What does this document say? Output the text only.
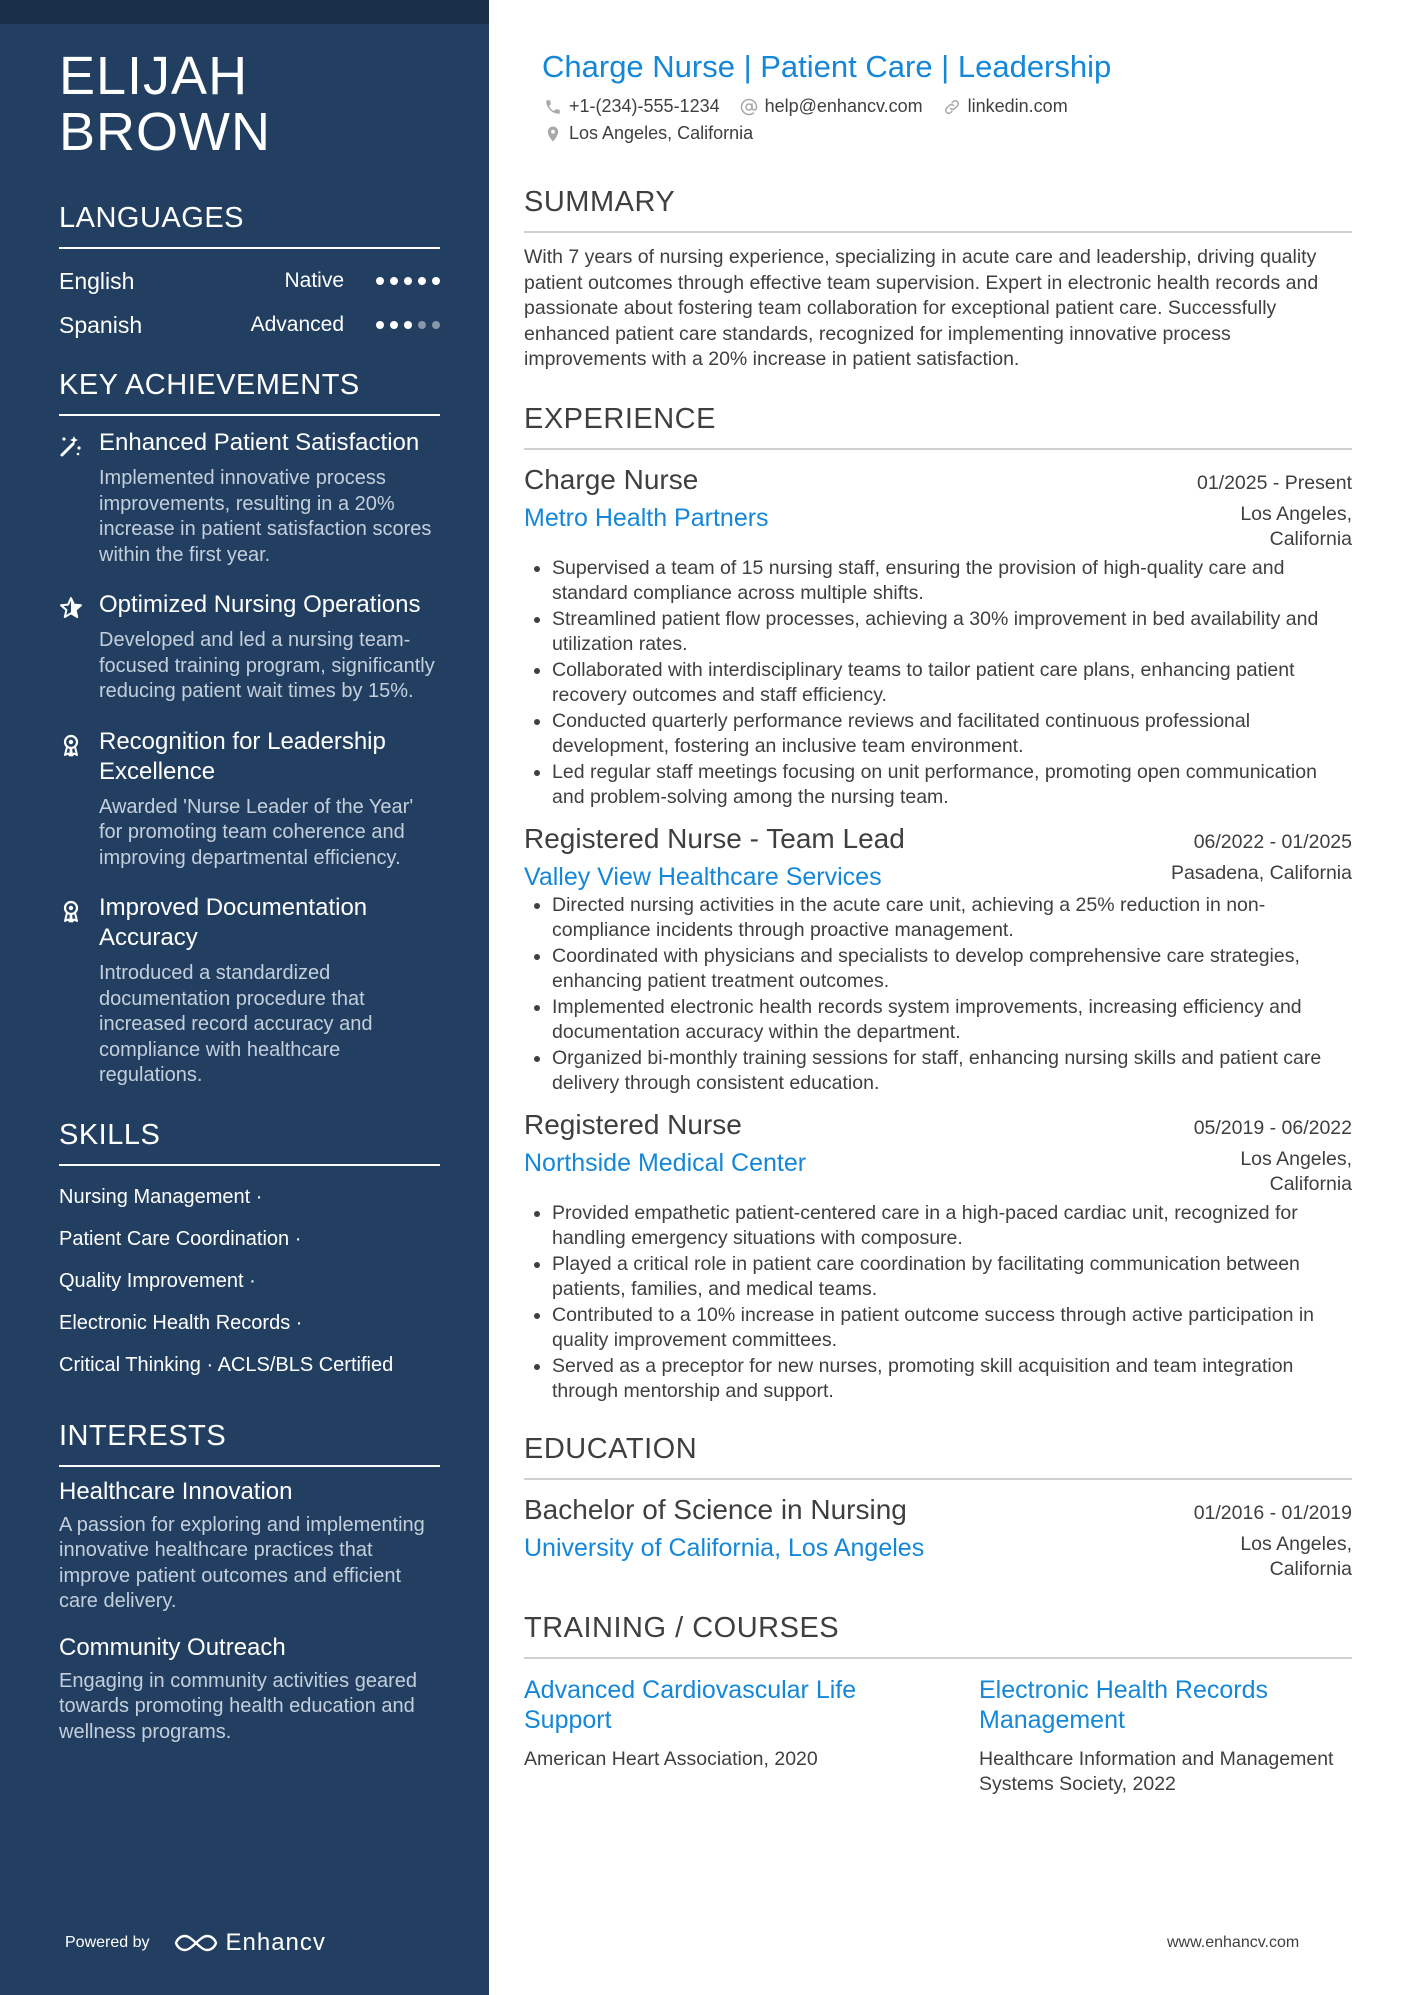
ELIJAH
BROWN
LANGUAGES
English	Native
Spanish	Advanced
KEY ACHIEVEMENTS
Enhanced Patient Satisfaction
Implemented innovative process improvements, resulting in a 20% increase in patient satisfaction scores within the first year.
Optimized Nursing Operations
Developed and led a nursing team-focused training program, significantly reducing patient wait times by 15%.
Recognition for Leadership Excellence
Awarded 'Nurse Leader of the Year' for promoting team coherence and improving departmental efficiency.
Improved Documentation Accuracy
Introduced a standardized documentation procedure that increased record accuracy and compliance with healthcare regulations.
SKILLS
Nursing Management ·
Patient Care Coordination ·
Quality Improvement ·
Electronic Health Records ·
Critical Thinking · ACLS/BLS Certified
INTERESTS
Healthcare Innovation
A passion for exploring and implementing innovative healthcare practices that improve patient outcomes and efficient care delivery.
Community Outreach
Engaging in community activities geared towards promoting health education and wellness programs.
Powered by	Enhancv
Charge Nurse | Patient Care | Leadership
+1-(234)-555-1234	help@enhancv.com	linkedin.com
Los Angeles, California
SUMMARY

With 7 years of nursing experience, specializing in acute care and leadership, driving quality patient outcomes through effective team supervision. Expert in electronic health records and passionate about fostering team collaboration for exceptional patient care. Successfully enhanced patient care standards, recognized for implementing innovative process improvements with a 20% increase in patient satisfaction.

EXPERIENCE
Charge Nurse	01/2025 - Present
Metro Health Partners	Los Angeles,
California
• Supervised a team of 15 nursing staff, ensuring the provision of high-quality care and standard compliance across multiple shifts.
• Streamlined patient flow processes, achieving a 30% improvement in bed availability and utilization rates.
• Collaborated with interdisciplinary teams to tailor patient care plans, enhancing patient recovery outcomes and staff efficiency.
• Conducted quarterly performance reviews and facilitated continuous professional development, fostering an inclusive team environment.
• Led regular staff meetings focusing on unit performance, promoting open communication and problem-solving among the nursing team.
Registered Nurse - Team Lead	06/2022 - 01/2025
Valley View Healthcare Services	Pasadena, California
• Directed nursing activities in the acute care unit, achieving a 25% reduction in non-compliance incidents through proactive management.
• Coordinated with physicians and specialists to develop comprehensive care strategies, enhancing patient treatment outcomes.
• Implemented electronic health records system improvements, increasing efficiency and documentation accuracy within the department.
• Organized bi-monthly training sessions for staff, enhancing nursing skills and patient care delivery through consistent education.
Registered Nurse	05/2019 - 06/2022
Northside Medical Center	Los Angeles,
California
• Provided empathetic patient-centered care in a high-paced cardiac unit, recognized for handling emergency situations with composure.
• Played a critical role in patient care coordination by facilitating communication between patients, families, and medical teams.
• Contributed to a 10% increase in patient outcome success through active participation in quality improvement committees.
• Served as a preceptor for new nurses, promoting skill acquisition and team integration through mentorship and support.
EDUCATION
Bachelor of Science in Nursing	01/2016 - 01/2019
University of California, Los Angeles	Los Angeles,
California
TRAINING / COURSES
Advanced Cardiovascular Life Support
American Heart Association, 2020
Electronic Health Records Management
Healthcare Information and Management Systems Society, 2022
www.enhancv.com
